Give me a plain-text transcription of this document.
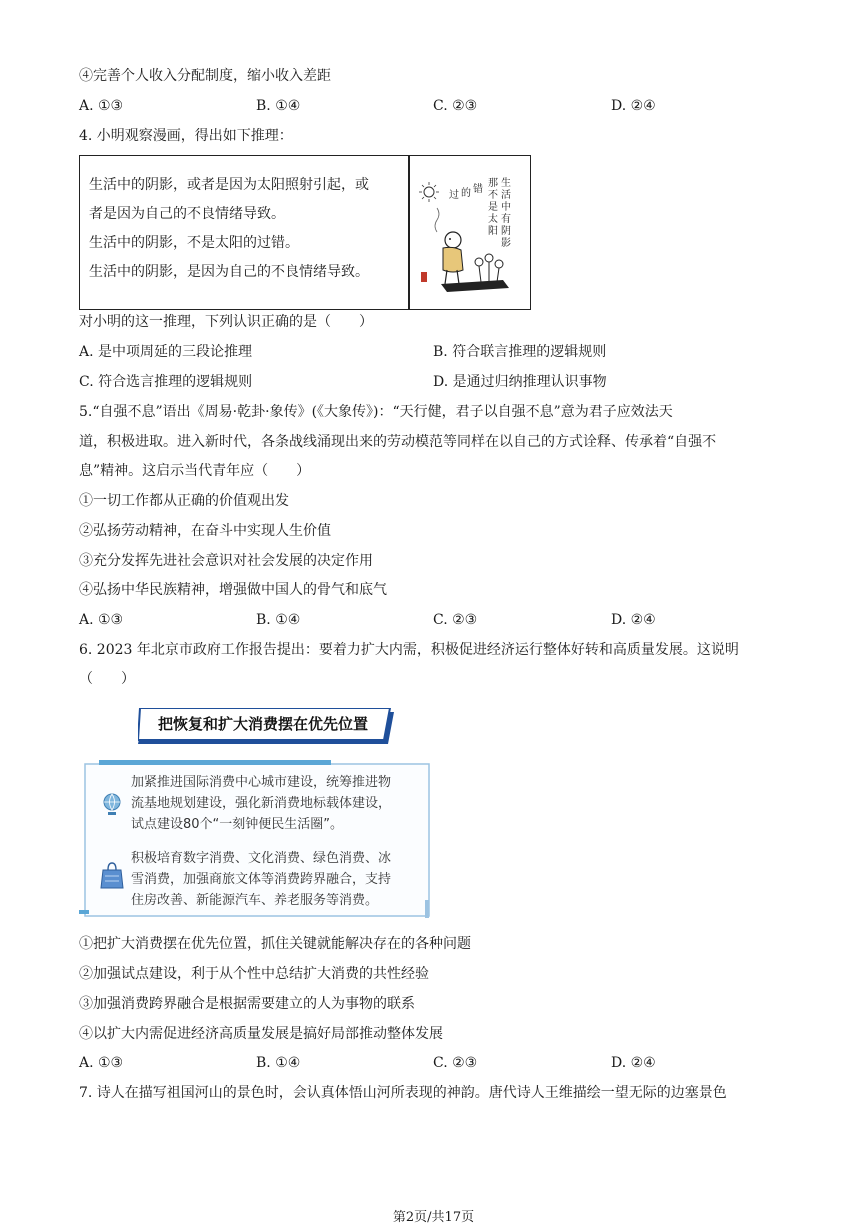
④完善个人收入分配制度，缩小收入差距
A. ①③	B. ①④	C. ②③	D. ②④
4. 小明观察漫画，得出如下推理：
生活中的阴影，或者是因为太阳照射引起，或
者是因为自己的不良情绪导致。
生活中的阴影，不是太阳的过错。
生活中的阴影，是因为自己的不良情绪导致。
生活中有阴影 那不是太阳 的 错过
对小明的这一推理，下列认识正确的是（　　）
A. 是中项周延的三段论推理	B. 符合联言推理的逻辑规则
C. 符合选言推理的逻辑规则	D. 是通过归纳推理认识事物
5.“自强不息”语出《周易·乾卦·象传》(《大象传》)：“天行健，君子以自强不息”意为君子应效法天
道，积极进取。进入新时代，各条战线涌现出来的劳动模范等同样在以自己的方式诠释、传承着“自强不
息”精神。这启示当代青年应（　　）
①一切工作都从正确的价值观出发
②弘扬劳动精神，在奋斗中实现人生价值
③充分发挥先进社会意识对社会发展的决定作用
④弘扬中华民族精神，增强做中国人的骨气和底气
A. ①③	B. ①④	C. ②③	D. ②④
6. 2023 年北京市政府工作报告提出：要着力扩大内需，积极促进经济运行整体好转和高质量发展。这说明
（　　）
把恢复和扩大消费摆在优先位置
加紧推进国际消费中心城市建设，统筹推进物
流基地规划建设，强化新消费地标载体建设，
试点建设80个“一刻钟便民生活圈”。
积极培育数字消费、文化消费、绿色消费、冰
雪消费，加强商旅文体等消费跨界融合，支持
住房改善、新能源汽车、养老服务等消费。
①把扩大消费摆在优先位置，抓住关键就能解决存在的各种问题
②加强试点建设，利于从个性中总结扩大消费的共性经验
③加强消费跨界融合是根据需要建立的人为事物的联系
④以扩大内需促进经济高质量发展是搞好局部推动整体发展
A. ①③	B. ①④	C. ②③	D. ②④
7. 诗人在描写祖国河山的景色时，会认真体悟山河所表现的神韵。唐代诗人王维描绘一望无际的边塞景色
第2页/共17页
